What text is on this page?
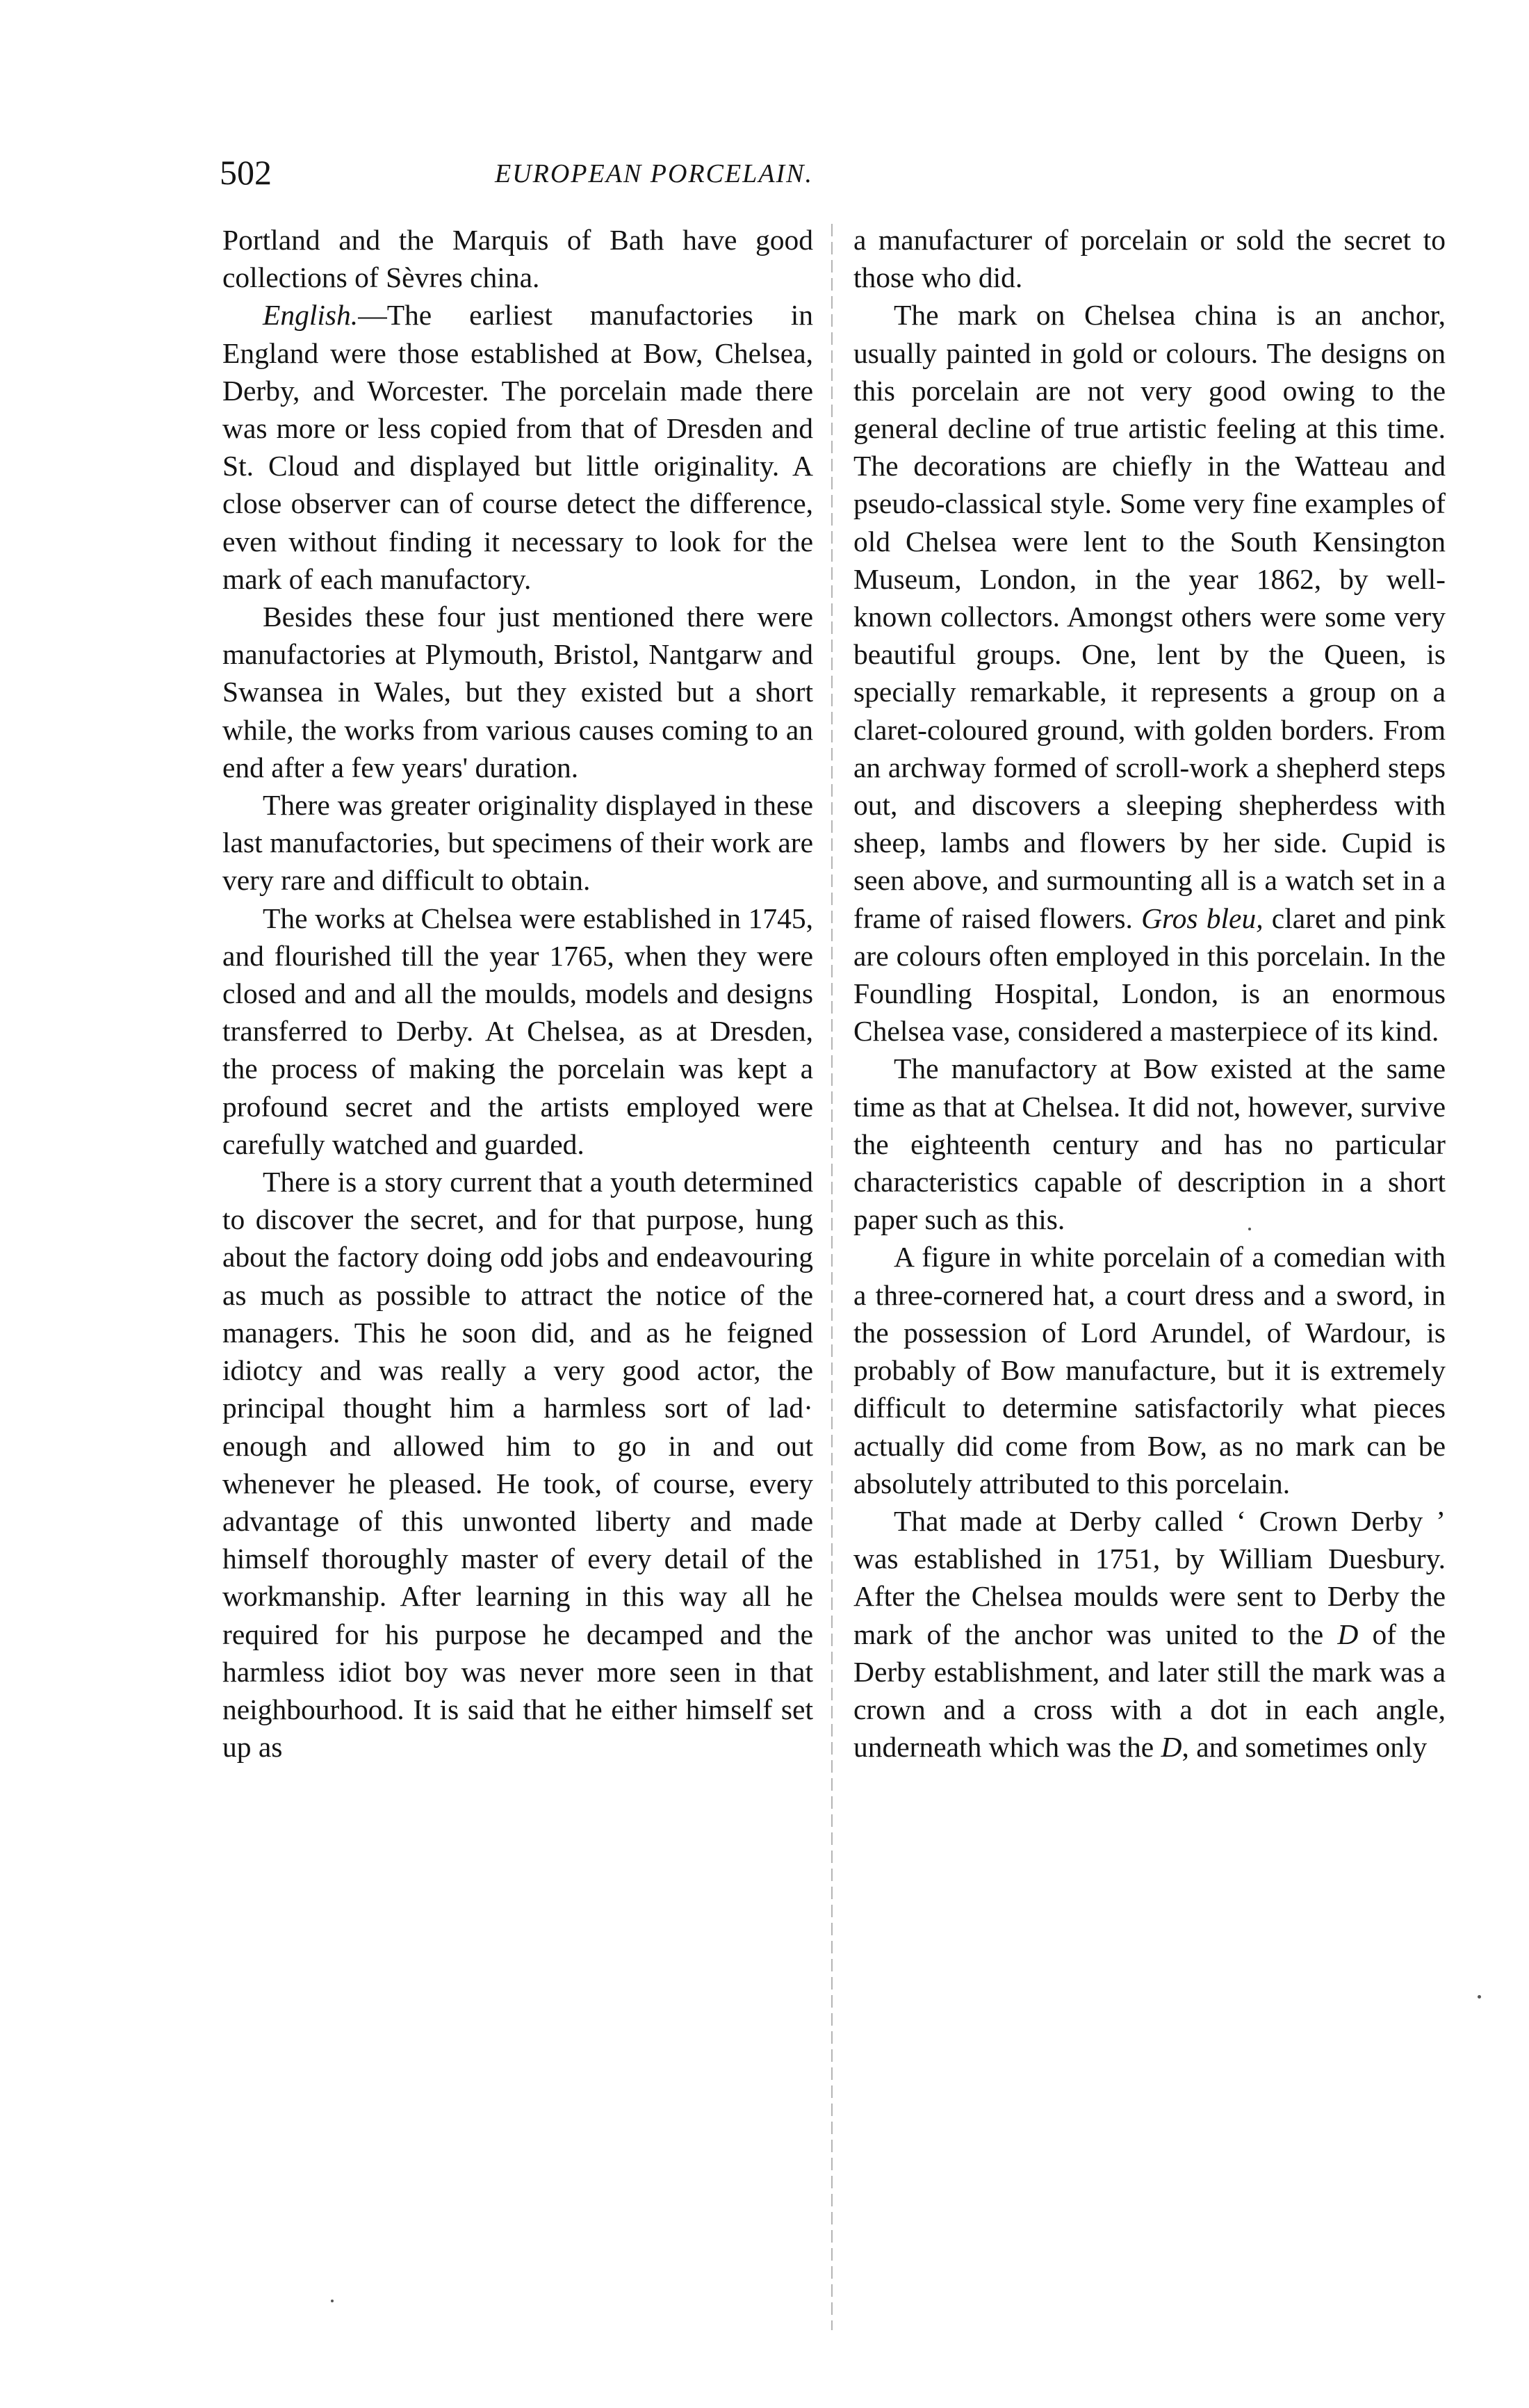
502	EUROPEAN PORCELAIN.

Portland and the Marquis of Bath have good collections of Sèvres china.

English.—The earliest manufactories in England were those established at Bow, Chelsea, Derby, and Worcester. The porcelain made there was more or less copied from that of Dresden and St. Cloud and displayed but little originality. A close observer can of course detect the difference, even without finding it necessary to look for the mark of each manufactory.

Besides these four just mentioned there were manufactories at Plymouth, Bristol, Nantgarw and Swansea in Wales, but they existed but a short while, the works from various causes coming to an end after a few years' duration.

There was greater originality displayed in these last manufactories, but specimens of their work are very rare and difficult to obtain.

The works at Chelsea were established in 1745, and flourished till the year 1765, when they were closed and and all the moulds, models and designs transferred to Derby. At Chelsea, as at Dresden, the process of making the porcelain was kept a profound secret and the artists employed were carefully watched and guarded.

There is a story current that a youth determined to discover the secret, and for that purpose, hung about the factory doing odd jobs and endeavouring as much as possible to attract the notice of the managers. This he soon did, and as he feigned idiotcy and was really a very good actor, the principal thought him a harmless sort of lad· enough and allowed him to go in and out whenever he pleased. He took, of course, every advantage of this unwonted liberty and made himself thoroughly master of every detail of the workmanship. After learning in this way all he required for his purpose he decamped and the harmless idiot boy was never more seen in that neighbourhood. It is said that he either himself set up as

a manufacturer of porcelain or sold the secret to those who did.

The mark on Chelsea china is an anchor, usually painted in gold or colours. The designs on this porcelain are not very good owing to the general decline of true artistic feeling at this time. The decorations are chiefly in the Watteau and pseudo-classical style. Some very fine examples of old Chelsea were lent to the South Kensington Museum, London, in the year 1862, by well-known collectors. Amongst others were some very beautiful groups. One, lent by the Queen, is specially remarkable, it represents a group on a claret-coloured ground, with golden borders. From an archway formed of scroll-work a shepherd steps out, and discovers a sleeping shepherdess with sheep, lambs and flowers by her side. Cupid is seen above, and surmounting all is a watch set in a frame of raised flowers. Gros bleu, claret and pink are colours often employed in this porcelain. In the Foundling Hospital, London, is an enormous Chelsea vase, considered a masterpiece of its kind.

The manufactory at Bow existed at the same time as that at Chelsea. It did not, however, survive the eighteenth century and has no particular characteristics capable of description in a short paper such as this.

A figure in white porcelain of a comedian with a three-cornered hat, a court dress and a sword, in the possession of Lord Arundel, of Wardour, is probably of Bow manufacture, but it is extremely difficult to determine satisfactorily what pieces actually did come from Bow, as no mark can be absolutely attributed to this porcelain.

That made at Derby called ‘ Crown Derby ’ was established in 1751, by William Duesbury. After the Chelsea moulds were sent to Derby the mark of the anchor was united to the D of the Derby establishment, and later still the mark was a crown and a cross with a dot in each angle, underneath which was the D, and sometimes only
